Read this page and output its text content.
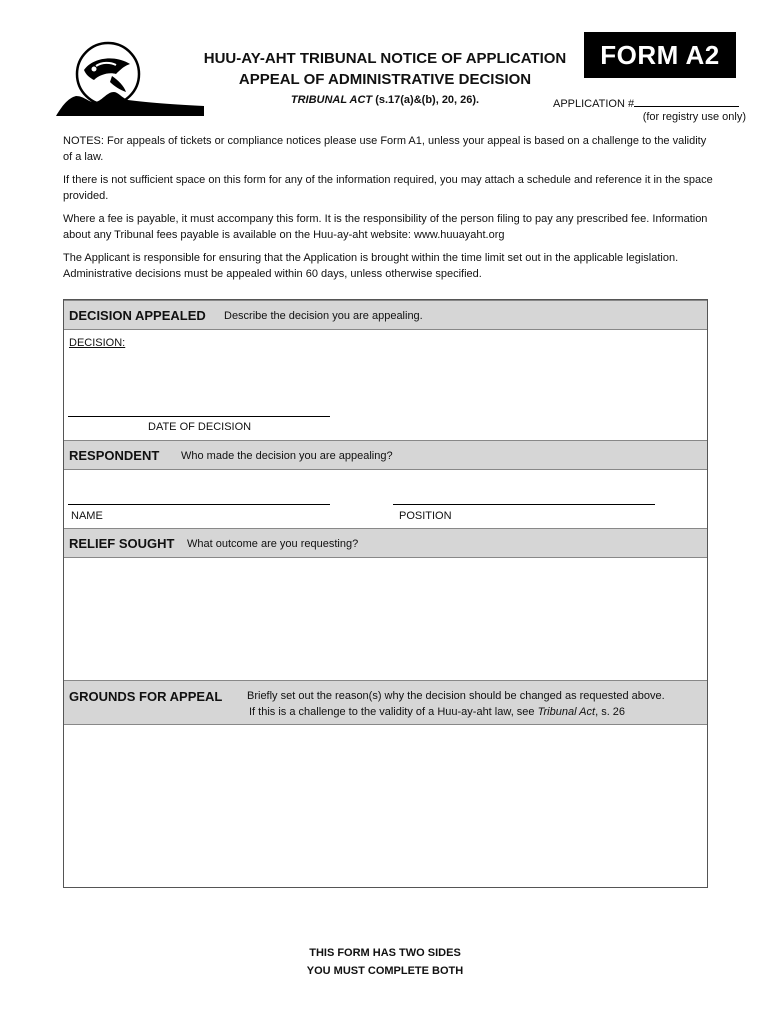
HUU-AY-AHT TRIBUNAL NOTICE OF APPLICATION
APPEAL OF ADMINISTRATIVE DECISION
TRIBUNAL ACT (s.17(a)&(b), 20, 26).
FORM A2
APPLICATION #
(for registry use only)

NOTES: For appeals of tickets or compliance notices please use Form A1, unless your appeal is based on a challenge to the validity of a law.

If there is not sufficient space on this form for any of the information required, you may attach a schedule and reference it in the space provided.

Where a fee is payable, it must accompany this form. It is the responsibility of the person filing to pay any prescribed fee. Information about any Tribunal fees payable is available on the Huu-ay-aht website: www.huuayaht.org

The Applicant is responsible for ensuring that the Application is brought within the time limit set out in the applicable legislation. Administrative decisions must be appealed within 60 days, unless otherwise specified.

DECISION APPEALED Describe the decision you are appealing.
DECISION:
DATE OF DECISION
RESPONDENT Who made the decision you are appealing?
NAME	POSITION
RELIEF SOUGHT What outcome are you requesting?
GROUNDS FOR APPEAL Briefly set out the reason(s) why the decision should be changed as requested above.
If this is a challenge to the validity of a Huu-ay-aht law, see Tribunal Act, s. 26
THIS FORM HAS TWO SIDES
YOU MUST COMPLETE BOTH
